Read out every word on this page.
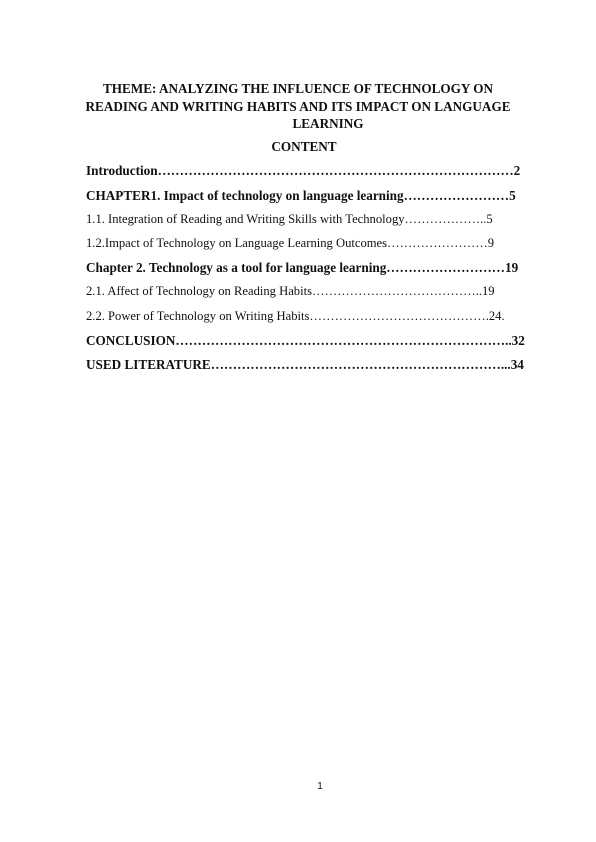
THEME: ANALYZING THE INFLUENCE OF TECHNOLOGY ON
READING AND WRITING HABITS AND ITS IMPACT ON LANGUAGE
LEARNING
CONTENT
Introduction………………………………………………………………………2
CHAPTER1. Impact of technology on language learning……………………5
1.1. Integration of Reading and Writing Skills with Technology………………..5
1.2.Impact of Technology on Language Learning Outcomes……………………9
Chapter 2. Technology as a tool for language learning………………………19
2.1. Affect of Technology on Reading Habits…………………………………..19
2.2. Power of Technology on Writing Habits…………………………………….24.
CONCLUSION…………………………………………………………………..32
USED LITERATURE…………………………………………………………...34
1
